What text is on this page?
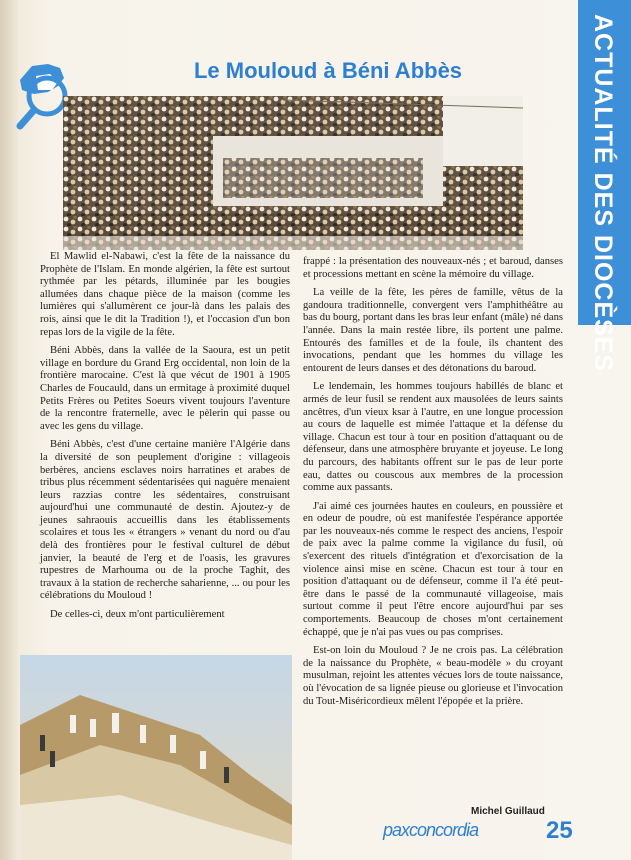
ACTUALITÉ DES DIOCÈSES
Le Mouloud à Béni Abbès

El Mawlid el-Nabawi, c'est la fête de la naissance du Prophète de l'Islam. En monde algérien, la fête est surtout rythmée par les pétards, illuminée par les bougies allumées dans chaque pièce de la maison (comme les lumières qui s'allumèrent ce jour-là dans les palais des rois, ainsi que le dit la Tradition !), et l'occasion d'un bon repas lors de la vigile de la fête.

Béni Abbès, dans la vallée de la Saoura, est un petit village en bordure du Grand Erg occidental, non loin de la frontière marocaine. C'est là que vécut de 1901 à 1905 Charles de Foucauld, dans un ermitage à proximité duquel Petits Frères ou Petites Soeurs vivent toujours l'aventure de la rencontre fraternelle, avec le pèlerin qui passe ou avec les gens du village.

Béni Abbès, c'est d'une certaine manière l'Algérie dans la diversité de son peuplement d'origine : villageois berbères, anciens esclaves noirs harratines et arabes de tribus plus récemment sédentarisées qui naguère menaient leurs razzias contre les sédentaires, construisant aujourd'hui une communauté de destin. Ajoutez-y de jeunes sahraouis accueillis dans les établissements scolaires et tous les « étrangers » venant du nord ou d'au delà des frontières pour le festival culturel de début janvier, la beauté de l'erg et de l'oasis, les gravures rupestres de Marhouma ou de la proche Taghit, des travaux à la station de recherche saharienne, ... ou pour les célébrations du Mouloud !

De celles-ci, deux m'ont particulièrement

frappé : la présentation des nouveaux-nés ; et baroud, danses et processions mettant en scène la mémoire du village.

La veille de la fête, les pères de famille, vêtus de la gandoura traditionnelle, convergent vers l'amphithéâtre au bas du bourg, portant dans les bras leur enfant (mâle) né dans l'année. Dans la main restée libre, ils portent une palme. Entourés des familles et de la foule, ils chantent des invocations, pendant que les hommes du village les entourent de leurs danses et des détonations du baroud.

Le lendemain, les hommes toujours habillés de blanc et armés de leur fusil se rendent aux mausolées de leurs saints ancêtres, d'un vieux ksar à l'autre, en une longue procession au cours de laquelle est mimée l'attaque et la défense du village. Chacun est tour à tour en position d'attaquant ou de défenseur, dans une atmosphère bruyante et joyeuse. Le long du parcours, des habitants offrent sur le pas de leur porte eau, dattes ou couscous aux membres de la procession comme aux passants.

J'ai aimé ces journées hautes en couleurs, en poussière et en odeur de poudre, où est manifestée l'espérance apportée par les nouveaux-nés comme le respect des anciens, l'espoir de paix avec la palme comme la vigilance du fusil, où s'exercent des rituels d'intégration et d'exorcisation de la violence ainsi mise en scène. Chacun est tour à tour en position d'attaquant ou de défenseur, comme il l'a été peut-être dans le passé de la communauté villageoise, mais surtout comme il peut l'être encore aujourd'hui par ses comportements. Beaucoup de choses m'ont certainement échappé, que je n'ai pas vues ou pas comprises.

Est-on loin du Mouloud ? Je ne crois pas. La célébration de la naissance du Prophète, « beau-modèle » du croyant musulman, rejoint les attentes vécues lors de toute naissance, où l'évocation de sa lignée pieuse ou glorieuse et l'invocation du Tout-Miséricordieux mêlent l'épopée et la prière.

Michel Guillaud
paxconcordia	25
